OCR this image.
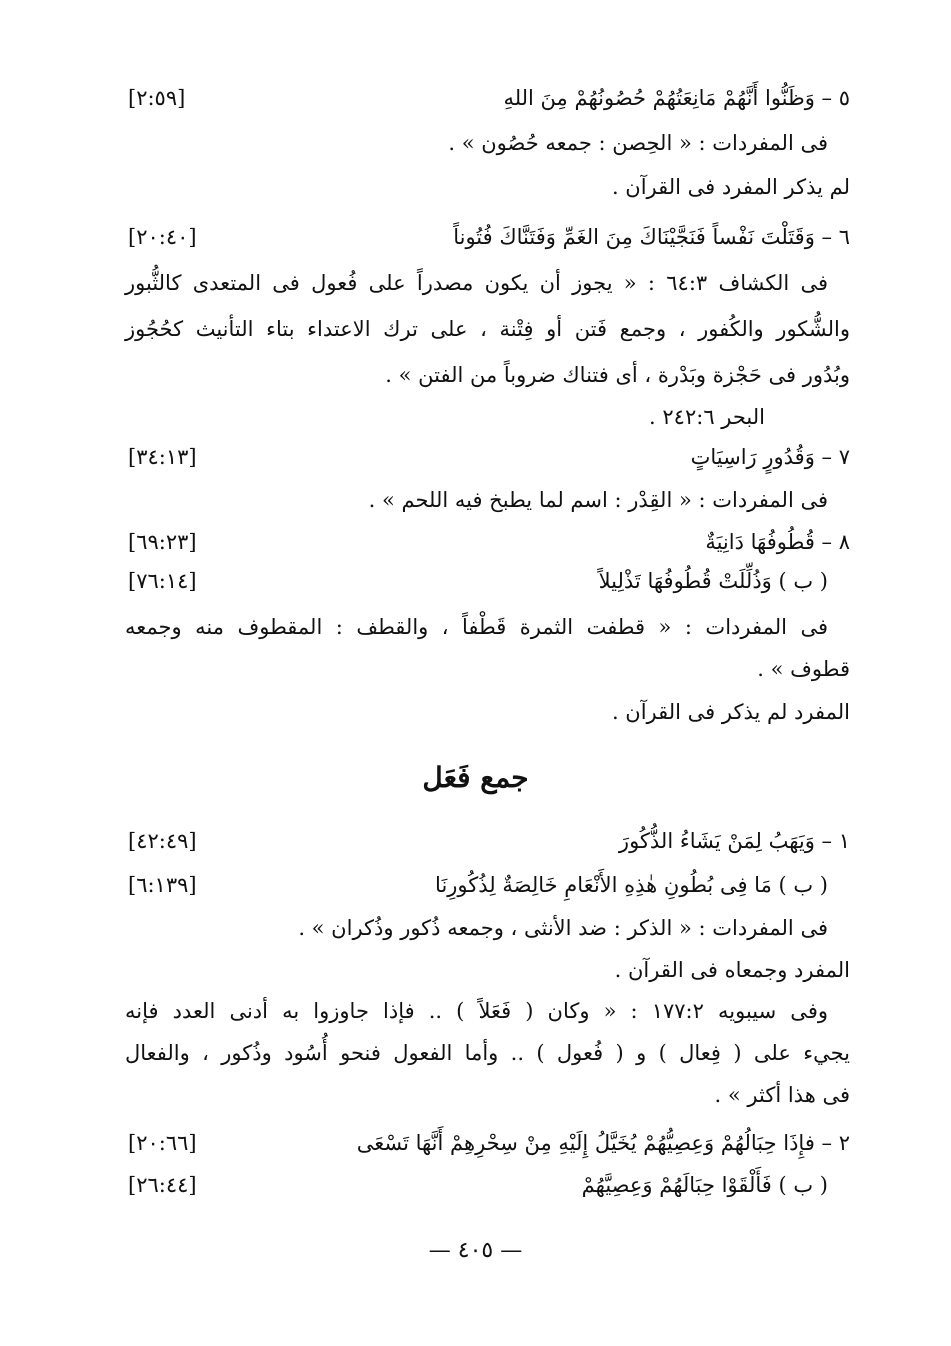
٥ – وَظَنُّوا أَنَّهُمْ مَانِعَتُهُمْ حُصُونُهُمْ مِنَ اللهِ
[٢:٥٩]
فى المفردات : « الحِصن : جمعه حُصُون » .
لم يذكر المفرد فى القرآن .
٦ – وَقَتَلْتَ نَفْساً فَنَجَّيْنَاكَ مِنَ الغَمِّ وَفَتَنَّاكَ فُتُوناً
[٢٠:٤٠]
فى الكشاف ٦٤:٣ : « يجوز أن يكون مصدراً على فُعول فى المتعدى كالثُّبور
والشُّكور والكُفور ، وجمع فَتن أو فِتْنة ، على ترك الاعتداء بتاء التأنيث كحُجُوز
وبُدُور فى حَجْزة وبَدْرة ، أى فتناك ضروباً من الفتن » .
البحر ٢٤٢:٦ .
٧ – وَقُدُورٍ رَاسِيَاتٍ
[٣٤:١٣]
فى المفردات : « القِدْر : اسم لما يطبخ فيه اللحم » .
٨ – قُطُوفُهَا دَانِيَةٌ
[٦٩:٢٣]
( ب ) وَذُلِّلَتْ قُطُوفُهَا تَذْلِيلاً
[٧٦:١٤]
فى المفردات : « قطفت الثمرة قَطْفاً ، والقطف : المقطوف منه وجمعه
قطوف » .
المفرد لم يذكر فى القرآن .
جمع فَعَل
١ – وَيَهَبُ لِمَنْ يَشَاءُ الذُّكُورَ
[٤٢:٤٩]
( ب ) مَا فِى بُطُونِ هٰذِهِ الأَنْعَامِ خَالِصَةٌ لِذُكُورِنَا
[٦:١٣٩]
فى المفردات : « الذكر : ضد الأنثى ، وجمعه ذُكور وذُكران » .
المفرد وجمعاه فى القرآن .
وفى سيبويه ١٧٧:٢ : « وكان ( فَعَلاً ) .. فإذا جاوزوا به أدنى العدد فإنه
يجيء على ( فِعال ) و ( فُعول ) .. وأما الفعول فنحو أُسُود وذُكور ، والفعال
فى هذا أكثر » .
٢ – فإِذَا حِبَالُهُمْ وَعِصِيُّهُمْ يُخَيَّلُ إِلَيْهِ مِنْ سِحْرِهِمْ أَنَّهَا تَسْعَى
[٢٠:٦٦]
( ب ) فَأَلْقَوْا حِبَالَهُمْ وَعِصِيَّهُمْ
[٢٦:٤٤]
— ٤٠٥ —
